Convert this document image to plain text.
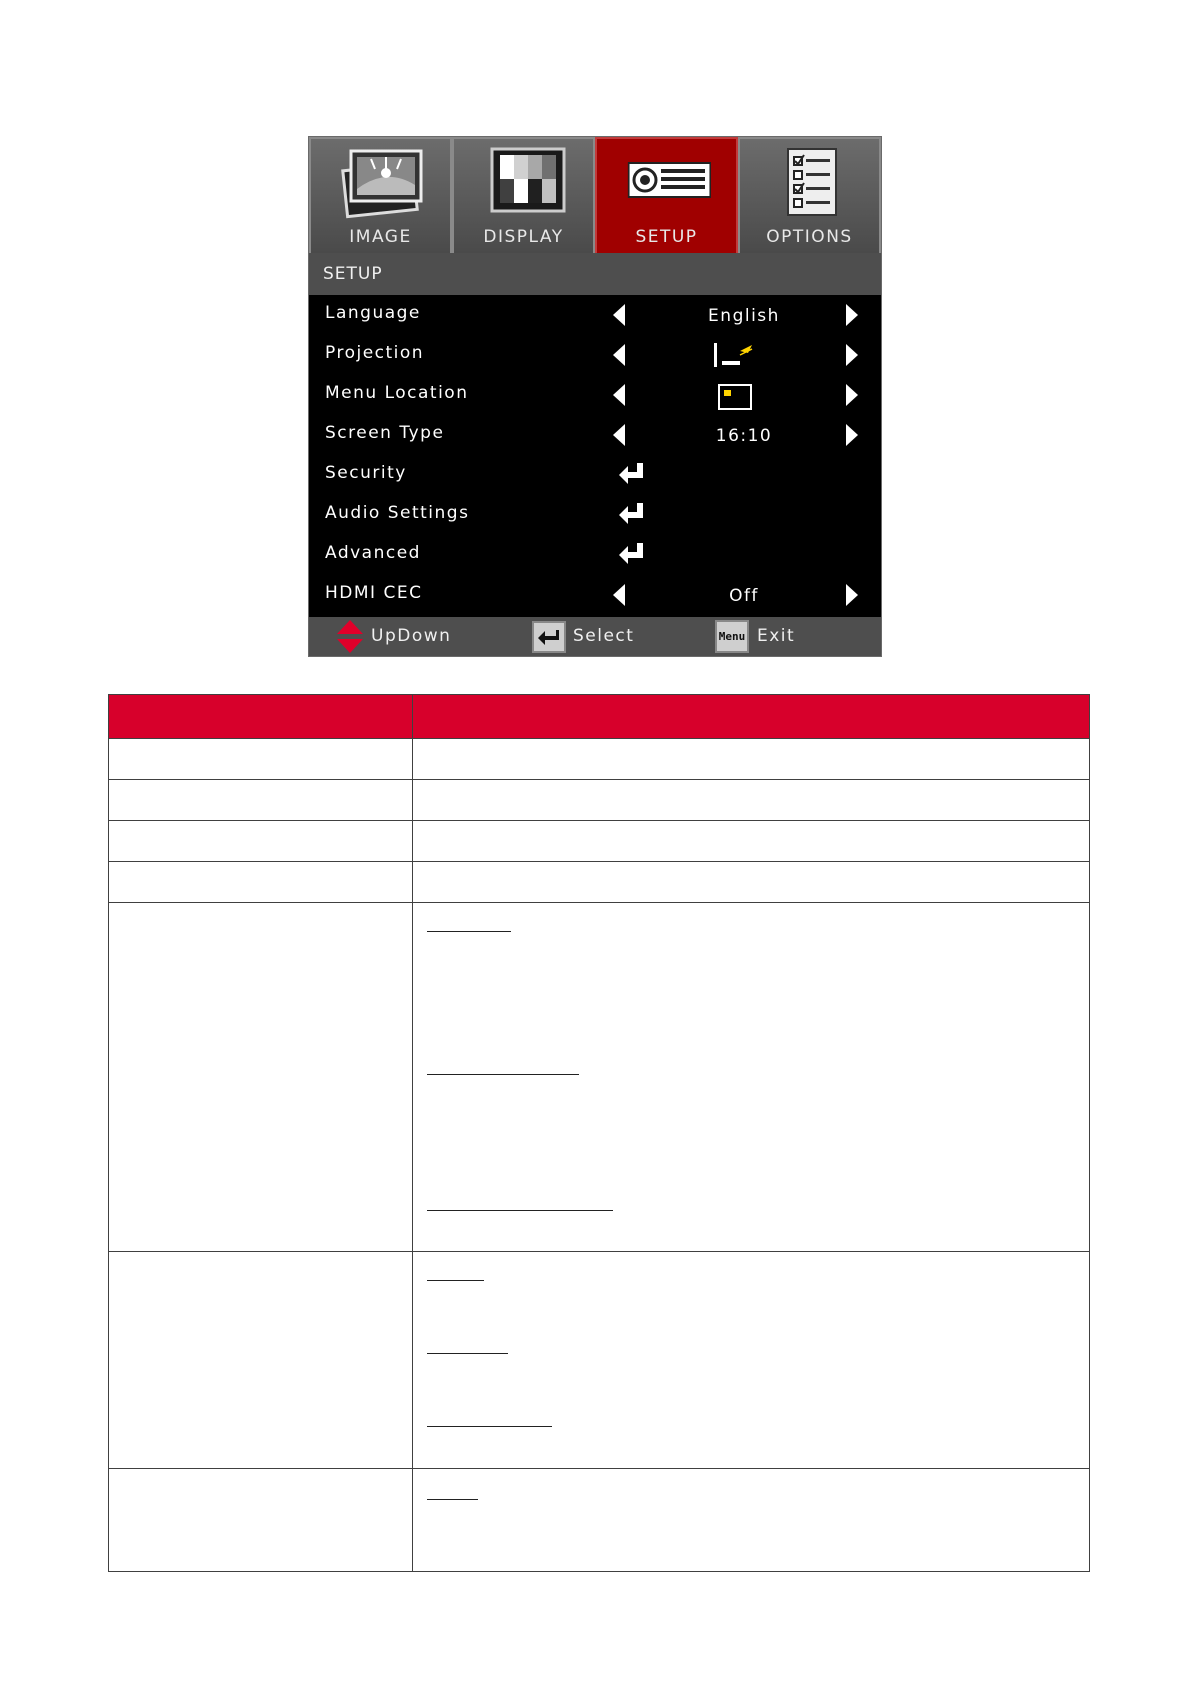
IMAGE	DISPLAY	SETUP	OPTIONS
SETUP
Language	English
Projection
Menu Location
Screen Type	16:10
Security
Audio Settings
Advanced
HDMI CEC	Off
UpDown	Select	Menu Exit
